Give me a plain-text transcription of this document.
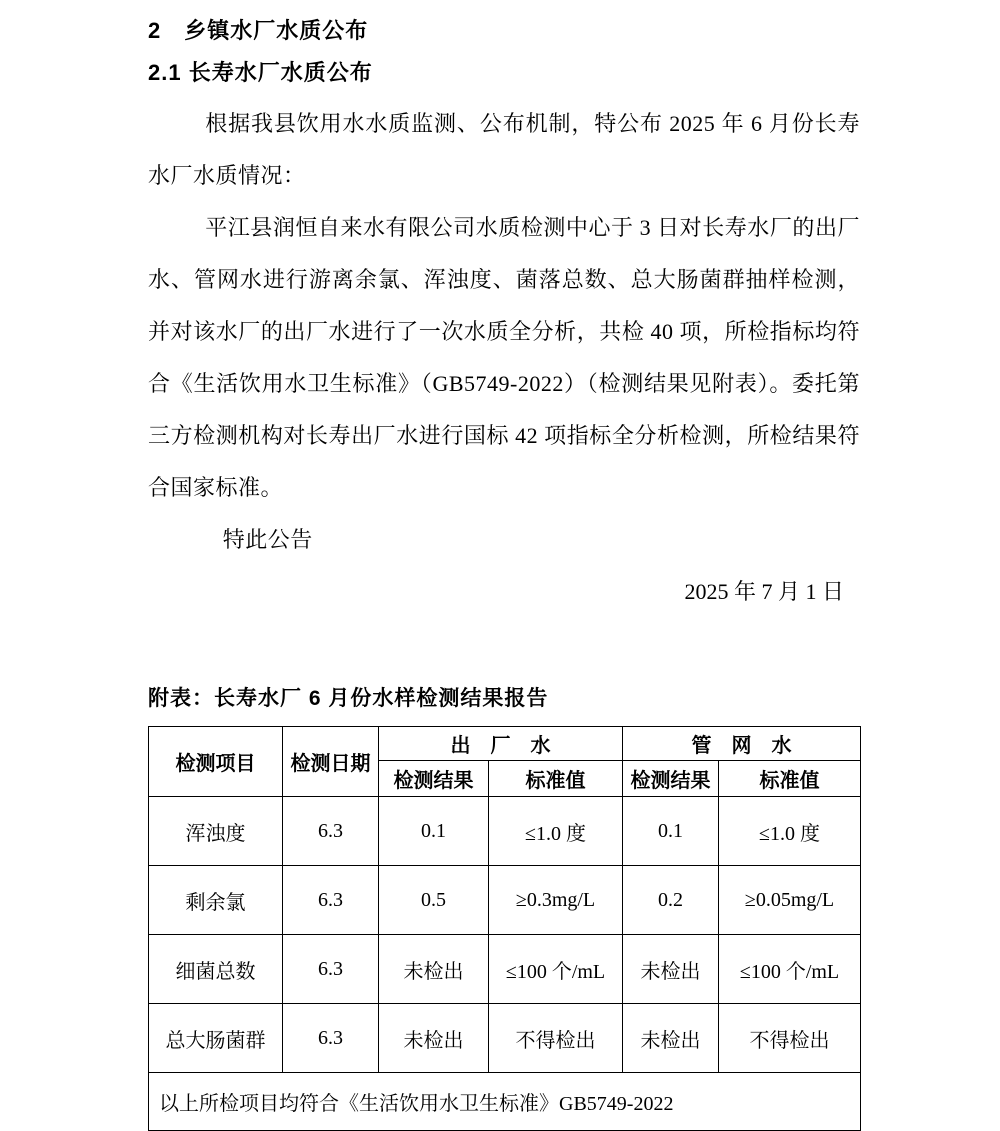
2　乡镇水厂水质公布
2.1 长寿水厂水质公布

根据我县饮用水水质监测、公布机制，特公布 2025 年 6 月份长寿水厂水质情况：

平江县润恒自来水有限公司水质检测中心于 3 日对长寿水厂的出厂水、管网水进行游离余氯、浑浊度、菌落总数、总大肠菌群抽样检测，并对该水厂的出厂水进行了一次水质全分析，共检 40 项，所检指标均符合《生活饮用水卫生标准》（GB5749-2022）（检测结果见附表）。委托第三方检测机构对长寿出厂水进行国标 42 项指标全分析检测，所检结果符合国家标准。

特此公告

2025 年 7 月 1 日

附表：长寿水厂 6 月份水样检测结果报告
检测项目	检测日期	出　厂　水		管　网　水	
		检测结果	标准值	检测结果	标准值
浑浊度	6.3	0.1	≤1.0 度	0.1	≤1.0 度
剩余氯	6.3	0.5	≥0.3mg/L	0.2	≥0.05mg/L
细菌总数	6.3	未检出	≤100 个/mL	未检出	≤100 个/mL
总大肠菌群	6.3	未检出	不得检出	未检出	不得检出
以上所检项目均符合《生活饮用水卫生标准》GB5749-2022					
